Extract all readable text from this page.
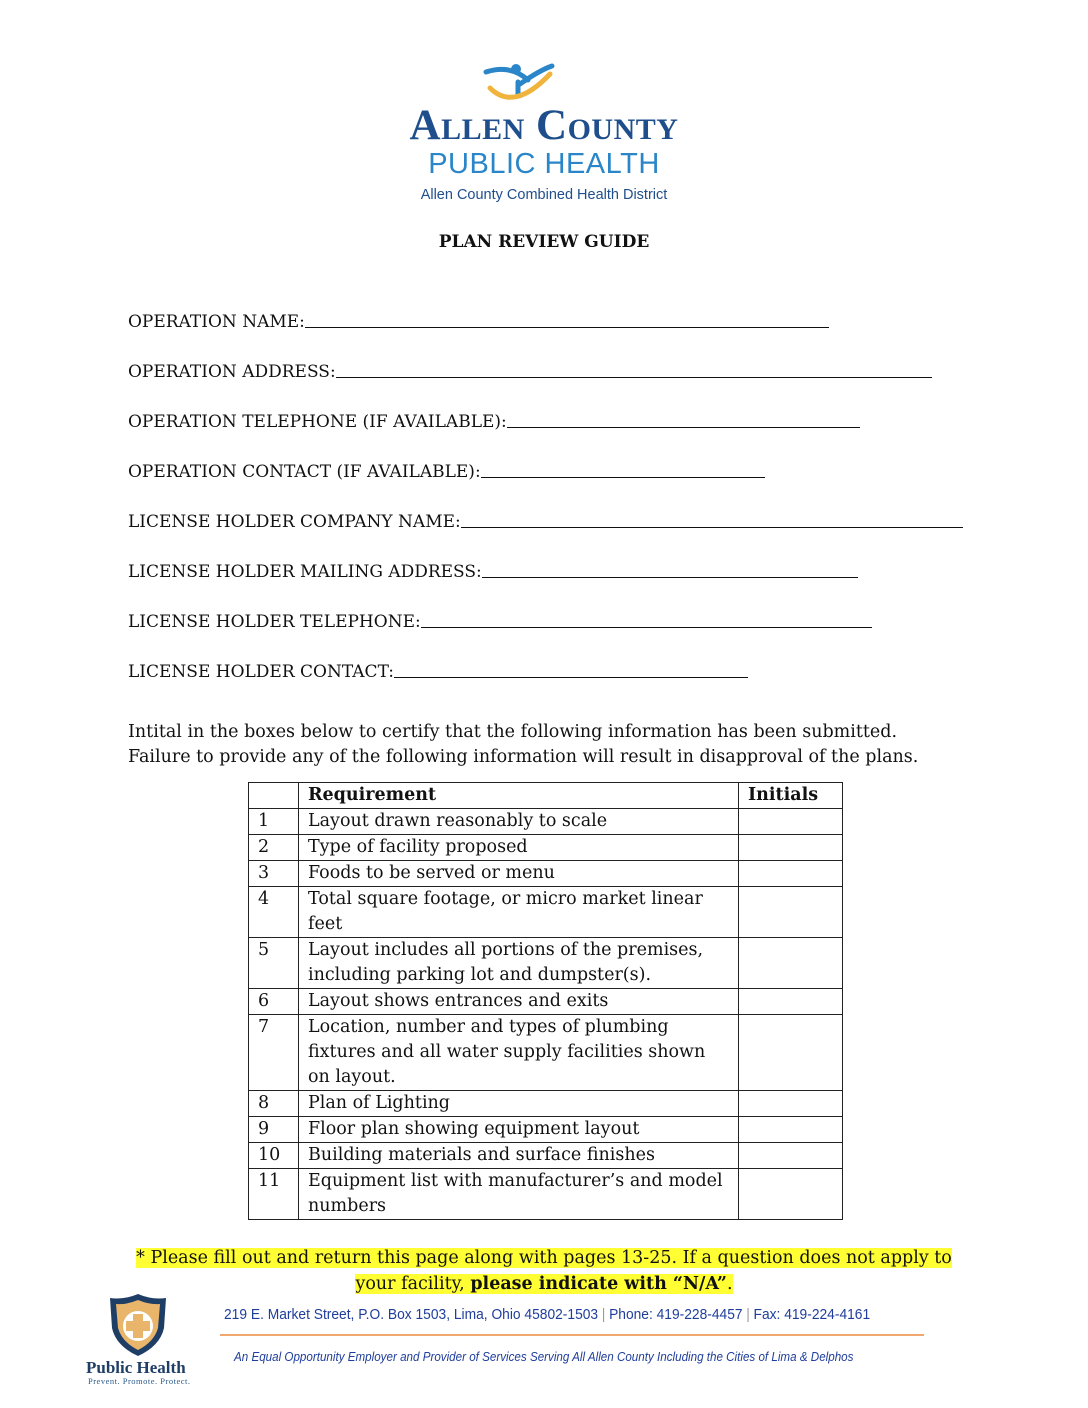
Allen County
PUBLIC HEALTH
Allen County Combined Health District
PLAN REVIEW GUIDE
OPERATION NAME:
OPERATION ADDRESS:
OPERATION TELEPHONE (IF AVAILABLE):
OPERATION CONTACT (IF AVAILABLE):
LICENSE HOLDER COMPANY NAME:
LICENSE HOLDER MAILING ADDRESS:
LICENSE HOLDER TELEPHONE:
LICENSE HOLDER CONTACT:
Intital in the boxes below to certify that the following information has been submitted.
Failure to provide any of the following information will result in disapproval of the plans.
	Requirement	Initials
1	Layout drawn reasonably to scale	
2	Type of facility proposed	
3	Foods to be served or menu	
4	Total square footage, or micro market linear feet	
5	Layout includes all portions of the premises, including parking lot and dumpster(s).	
6	Layout shows entrances and exits	
7	Location, number and types of plumbing fixtures and all water supply facilities shown on layout.	
8	Plan of Lighting	
9	Floor plan showing equipment layout	
10	Building materials and surface finishes	
11	Equipment list with manufacturer’s and model numbers	
* Please fill out and return this page along with pages 13-25. If a question does not apply to
your facility, please indicate with “N/A”.
Public Health
Prevent. Promote. Protect.
219 E. Market Street, P.O. Box 1503, Lima, Ohio 45802-1503 | Phone: 419-228-4457 | Fax: 419-224-4161
An Equal Opportunity Employer and Provider of Services Serving All Allen County Including the Cities of Lima & Delphos
